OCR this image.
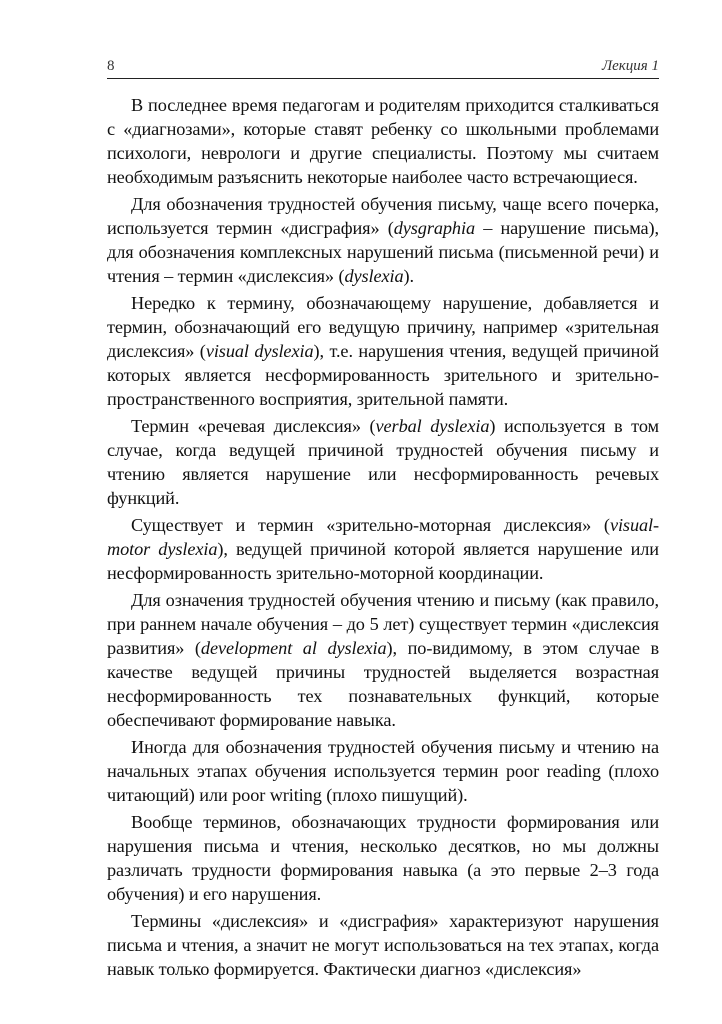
8	Лекция 1

В последнее время педагогам и родителям приходится сталкиваться с «диагнозами», которые ставят ребенку со школьными проблемами психологи, неврологи и другие специалисты. Поэтому мы считаем необходимым разъяснить некоторые наиболее часто встречающиеся.

Для обозначения трудностей обучения письму, чаще всего почерка, используется термин «дисграфия» (dysgraphia – нарушение письма), для обозначения комплексных нарушений письма (письменной речи) и чтения – термин «дислексия» (dyslexia).

Нередко к термину, обозначающему нарушение, добавляется и термин, обозначающий его ведущую причину, например «зрительная дислексия» (visual dyslexia), т.е. нарушения чтения, ведущей причиной которых является несформированность зрительного и зрительно-пространственного восприятия, зрительной памяти.

Термин «речевая дислексия» (verbal dyslexia) используется в том случае, когда ведущей причиной трудностей обучения письму и чтению является нарушение или несформированность речевых функций.

Существует и термин «зрительно-моторная дислексия» (visual-motor dyslexia), ведущей причиной которой является нарушение или несформированность зрительно-моторной координации.

Для означения трудностей обучения чтению и письму (как правило, при раннем начале обучения – до 5 лет) существует термин «дислексия развития» (development al dyslexia), по-видимому, в этом случае в качестве ведущей причины трудностей выделяется возрастная несформированность тех познавательных функций, которые обеспечивают формирование навыка.

Иногда для обозначения трудностей обучения письму и чтению на начальных этапах обучения используется термин poor reading (плохо читающий) или poor writing (плохо пишущий).

Вообще терминов, обозначающих трудности формирования или нарушения письма и чтения, несколько десятков, но мы должны различать трудности формирования навыка (а это первые 2–3 года обучения) и его нарушения.

Термины «дислексия» и «дисграфия» характеризуют нарушения письма и чтения, а значит не могут использоваться на тех этапах, когда навык только формируется. Фактически диагноз «дислексия»
